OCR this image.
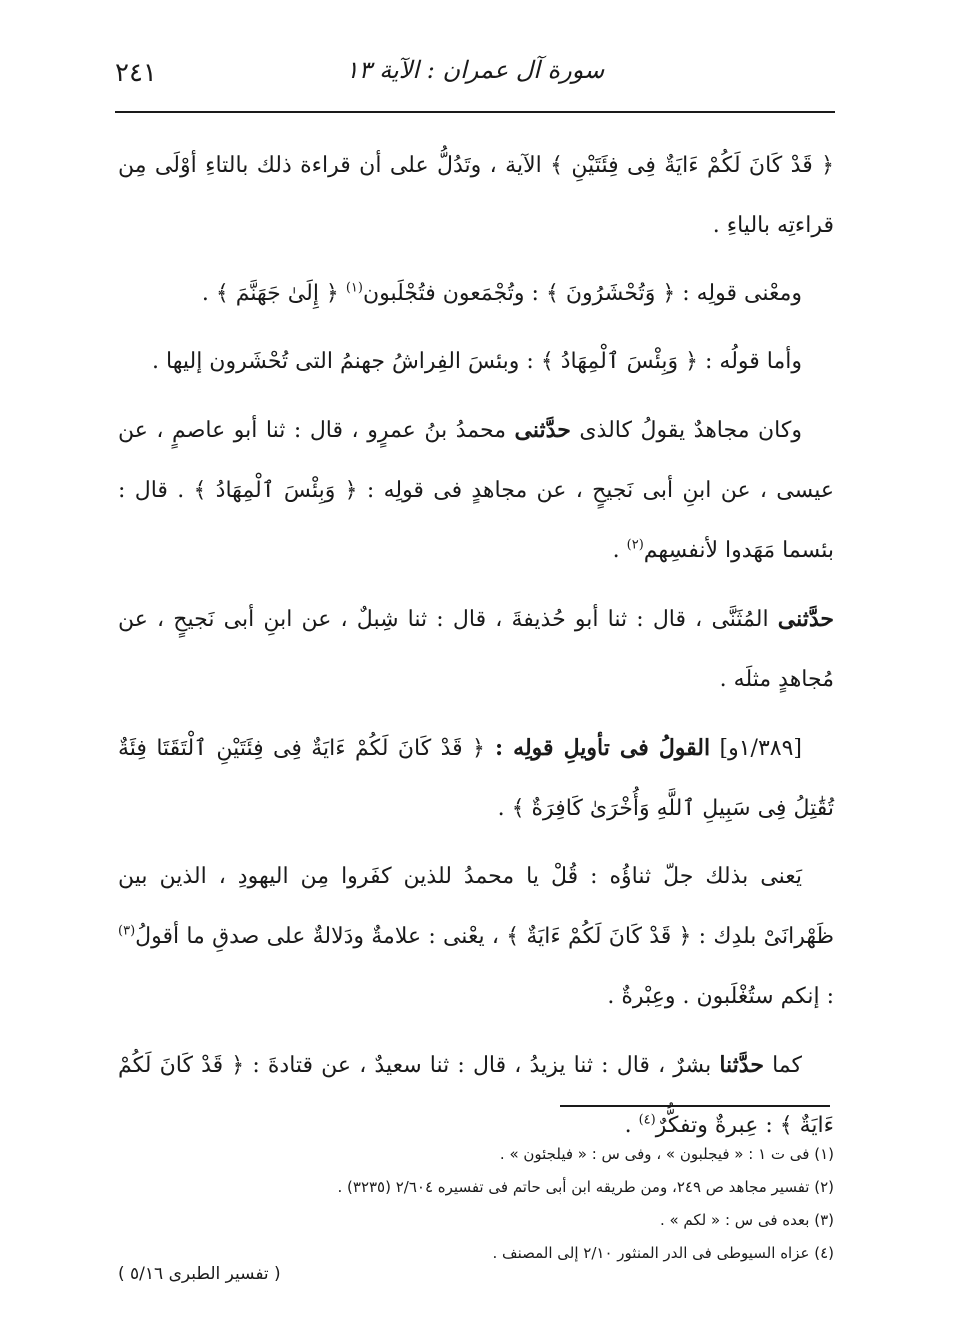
سورة آل عمران : الآية ١٣
٢٤١

﴿ قَدْ كَانَ لَكُمْ ءَايَةٌ فِى فِئَتَيْنِ ﴾ الآية ، وتَدُلُّ على أن قراءة ذلك بالتاءِ أوْلَى مِن قراءتِه بالياءِ .

ومعْنى قولِه : ﴿ وَتُحْشَرُونَ ﴾ : وتُجْمَعون فتُجْلَبون$^{(١)}$ ﴿ إِلَىٰ جَهَنَّمَ ﴾ .

وأما قولُه : ﴿ وَبِئْسَ ٱلْمِهَادُ ﴾ : وبئسَ الفِراشُ جهنمُ التى تُحْشَرون إليها .

وكان مجاهدٌ يقولُ كالذى حدَّثنى محمدُ بنُ عمرٍو ، قال : ثنا أبو عاصمٍ ، عن عيسى ، عن ابنِ أبى نَجيحٍ ، عن مجاهدٍ فى قولِه : ﴿ وَبِئْسَ ٱلْمِهَادُ ﴾ . قال : بئسما مَهَدوا لأنفسِهم$^{(٢)}$ .

حدَّثنى المُثَنَّى ، قال : ثنا أبو حُذيفةَ ، قال : ثنا شِبلٌ ، عن ابنِ أبى نَجيحٍ ، عن مُجاهدٍ مثلَه .

[١/٣٨٩و] القولُ فى تأويلِ قولِه : ﴿ قَدْ كَانَ لَكُمْ ءَايَةٌ فِى فِئَتَيْنِ ٱلْتَقَتَا فِئَةٌ تُقَٰتِلُ فِى سَبِيلِ ٱللَّهِ وَأُخْرَىٰ كَافِرَةٌ ﴾ .

يَعنى بذلك جلّ ثناؤُه : قُلْ يا محمدُ للذين كفَروا مِن اليهودِ ، الذين بين ظَهْرانَىْ بلدِك : ﴿ قَدْ كَانَ لَكُمْ ءَايَةٌ ﴾ ، يعْنى : علامةٌ ودَلالةٌ على صدقِ ما أقولُ$^{(٣)}$ : إنكم ستُغْلَبون . وعِبْرةٌ .

كما حدَّثنا بشرٌ ، قال : ثنا يزيدُ ، قال : ثنا سعيدٌ ، عن قتادةَ : ﴿ قَدْ كَانَ لَكُمْ ءَايَةٌ ﴾ : عِبرةٌ وتفكُّرٌ$^{(٤)}$ .

(١) فى ت ١ : « فيجلبون » ، وفى س : « فيلجئون » .

(٢) تفسير مجاهد ص ٢٤٩، ومن طريقه ابن أبى حاتم فى تفسيره ٢/٦٠٤ (٣٢٣٥) .

(٣) بعده فى س : « لكم » .

(٤) عزاه السيوطى فى الدر المنثور ٢/١٠ إلى المصنف .

( تفسير الطبرى ٥/١٦ )
